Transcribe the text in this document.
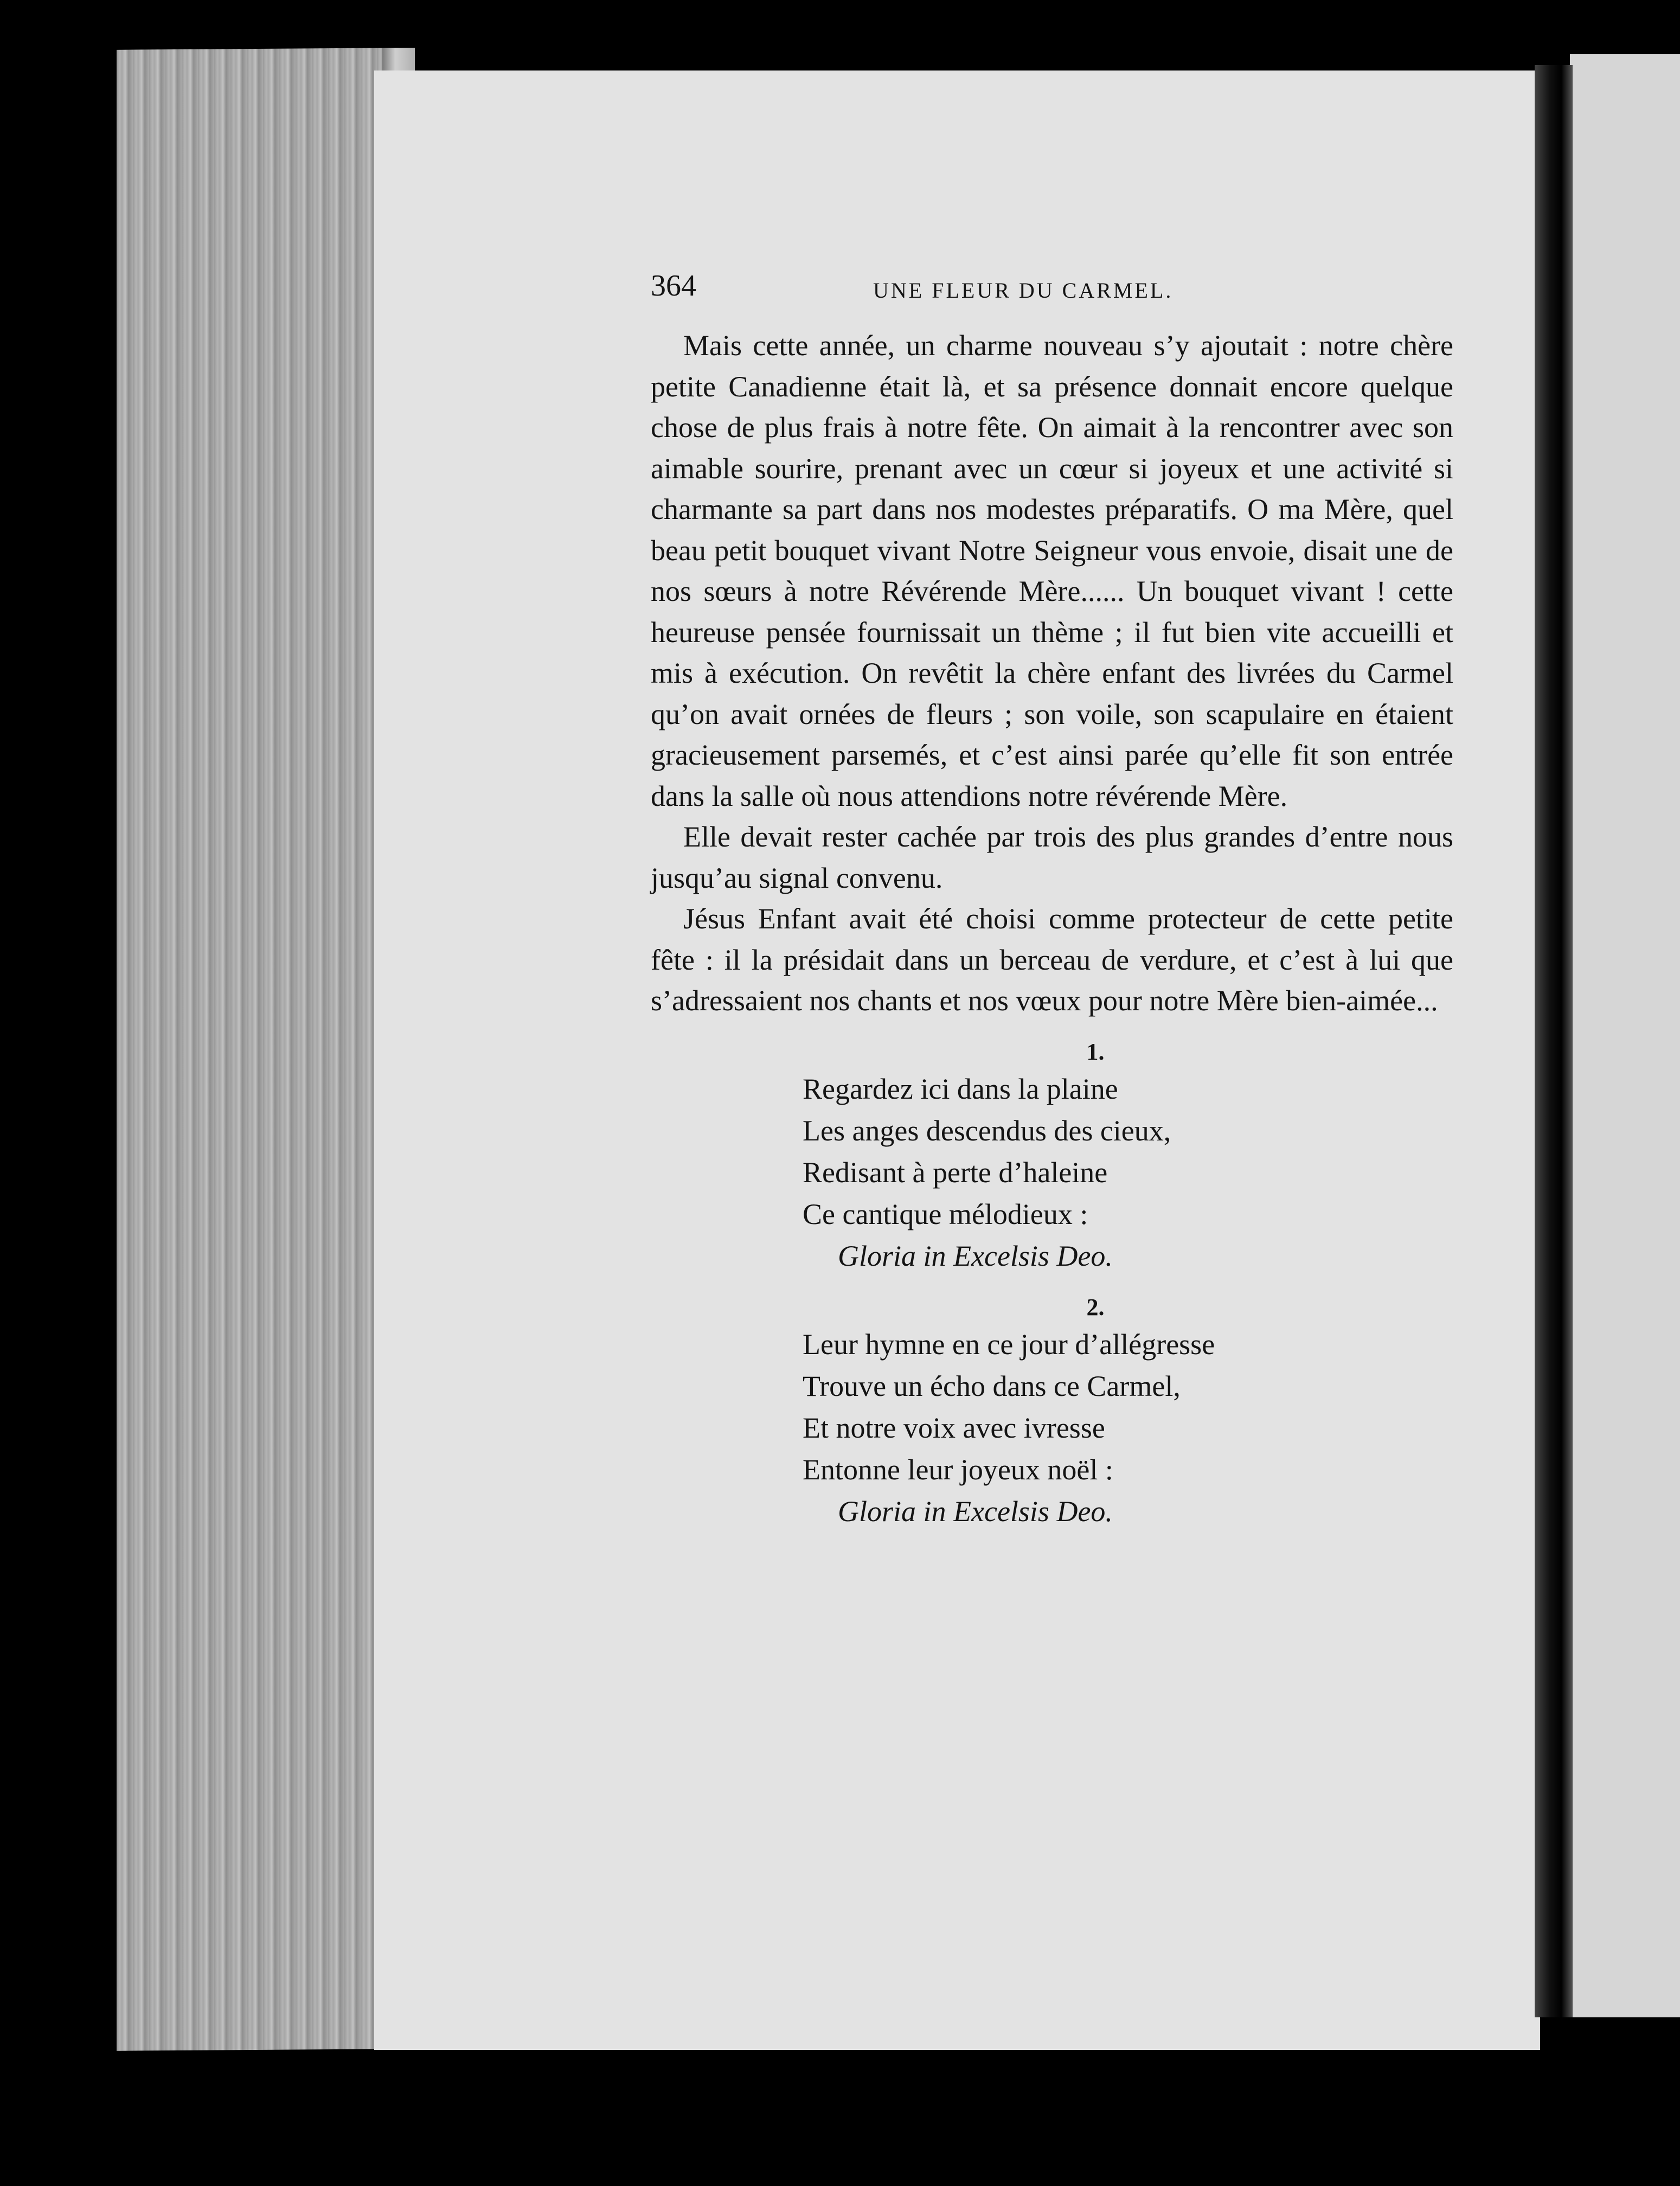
364	UNE FLEUR DU CARMEL.

Mais cette année, un charme nouveau s’y ajoutait : notre chère petite Canadienne était là, et sa présence donnait encore quelque chose de plus frais à notre fête. On aimait à la rencontrer avec son aimable sourire, prenant avec un cœur si joyeux et une activité si charmante sa part dans nos modestes préparatifs. O ma Mère, quel beau petit bouquet vivant Notre Seigneur vous envoie, disait une de nos sœurs à notre Révérende Mère...... Un bouquet vivant ! cette heureuse pensée fournissait un thème ; il fut bien vite accueilli et mis à exécution. On revêtit la chère enfant des livrées du Carmel qu’on avait ornées de fleurs ; son voile, son scapulaire en étaient gracieusement parsemés, et c’est ainsi parée qu’elle fit son entrée dans la salle où nous attendions notre révérende Mère.

Elle devait rester cachée par trois des plus grandes d’entre nous jusqu’au signal convenu.

Jésus Enfant avait été choisi comme protecteur de cette petite fête : il la présidait dans un berceau de verdure, et c’est à lui que s’adressaient nos chants et nos vœux pour notre Mère bien-aimée...

1.
Regardez ici dans la plaine
Les anges descendus des cieux,
Redisant à perte d’haleine
Ce cantique mélodieux :
Gloria in Excelsis Deo.
2.
Leur hymne en ce jour d’allégresse
Trouve un écho dans ce Carmel,
Et notre voix avec ivresse
Entonne leur joyeux noël :
Gloria in Excelsis Deo.
